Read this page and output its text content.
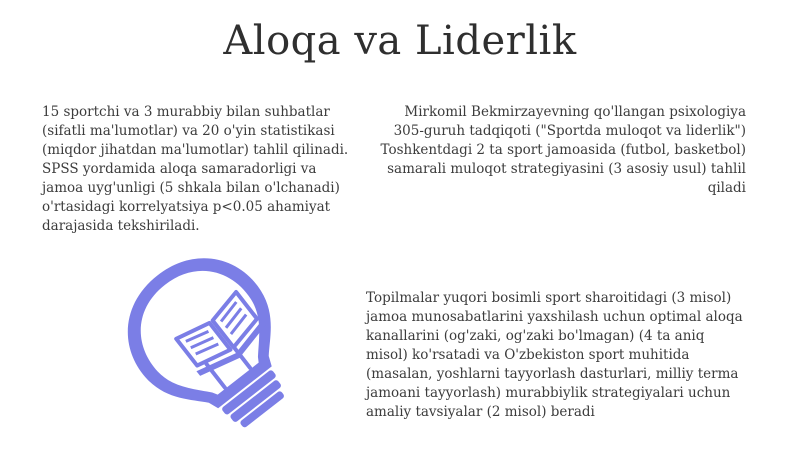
Aloqa va Liderlik
15 sportchi va 3 murabbiy bilan suhbatlar (sifatli ma'lumotlar) va 20 o'yin statistikasi (miqdor jihatdan ma'lumotlar) tahlil qilinadi. SPSS yordamida aloqa samaradorligi va jamoa uyg'unligi (5 shkala bilan o'lchanadi) o'rtasidagi korrelyatsiya p<0.05 ahamiyat darajasida tekshiriladi.
Mirkomil Bekmirzayevning qo'llangan psixologiya 305-guruh tadqiqoti ("Sportda muloqot va liderlik") Toshkentdagi 2 ta sport jamoasida (futbol, basketbol) samarali muloqot strategiyasini (3 asosiy usul) tahlil qiladi
Topilmalar yuqori bosimli sport sharoitidagi (3 misol) jamoa munosabatlarini yaxshilash uchun optimal aloqa kanallarini (og'zaki, og'zaki bo'lmagan) (4 ta aniq misol) ko'rsatadi va O'zbekiston sport muhitida (masalan, yoshlarni tayyorlash dasturlari, milliy terma jamoani tayyorlash) murabbiylik strategiyalari uchun amaliy tavsiyalar (2 misol) beradi
